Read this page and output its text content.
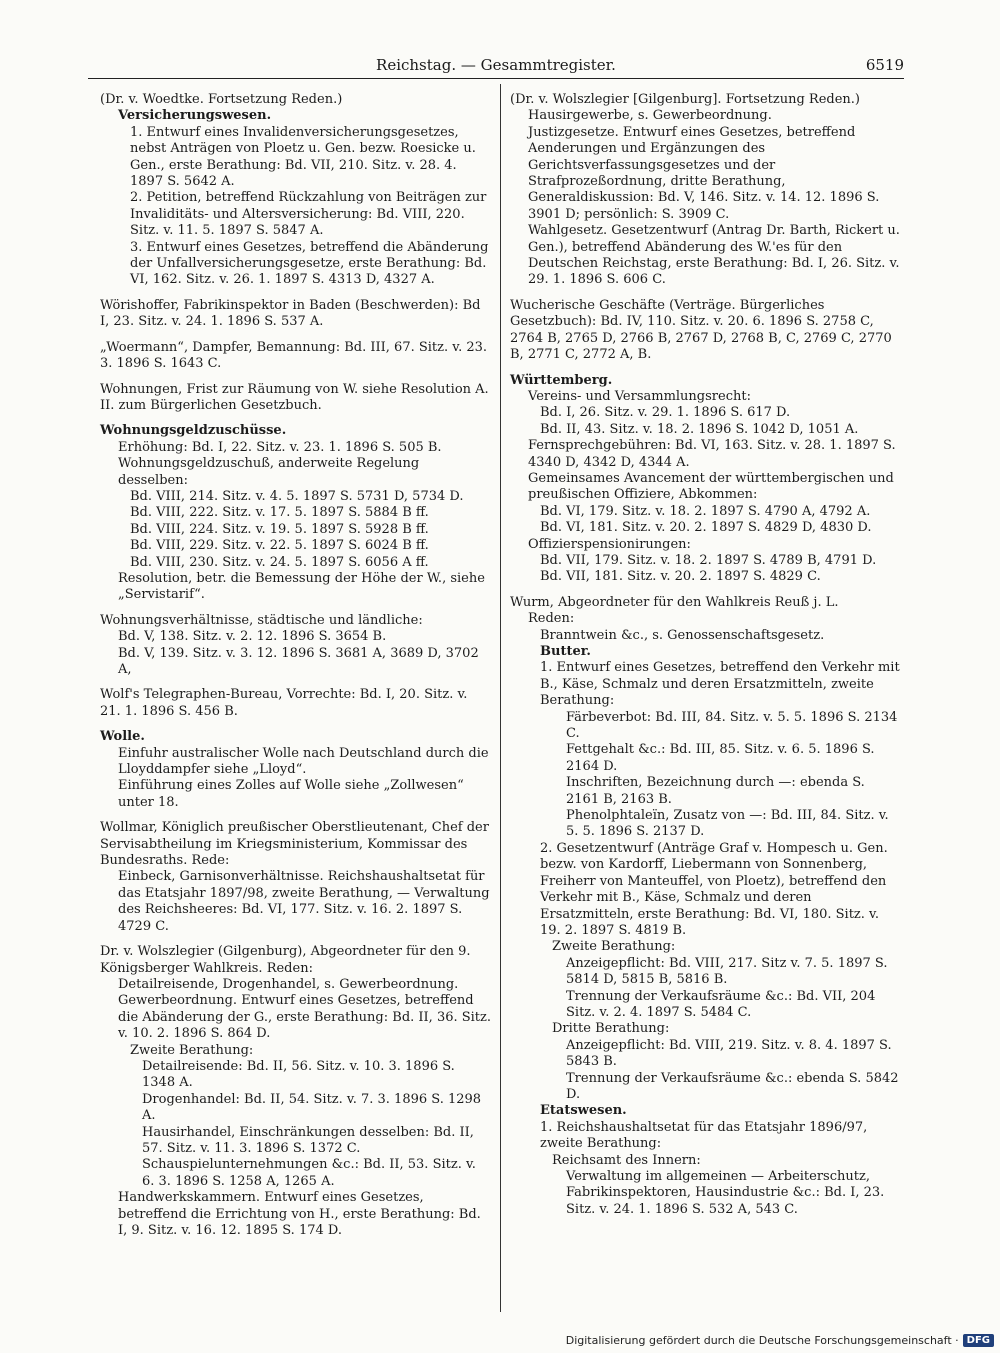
Reichstag. — Gesammtregister.	6519
(Dr. v. Woedtke. Fortsetzung Reden.)
Versicherungswesen.
1. Entwurf eines Invalidenversicherungsgesetzes, nebst Anträgen von Ploetz u. Gen. bezw. Roesicke u. Gen., erste Berathung: Bd. VII, 210. Sitz. v. 28. 4. 1897 S. 5642 A.
2. Petition, betreffend Rückzahlung von Beiträgen zur Invaliditäts- und Altersversicherung: Bd. VIII, 220. Sitz. v. 11. 5. 1897 S. 5847 A.
3. Entwurf eines Gesetzes, betreffend die Abänderung der Unfallversicherungsgesetze, erste Berathung: Bd. VI, 162. Sitz. v. 26. 1. 1897 S. 4313 D, 4327 A.
Wörishoffer, Fabrikinspektor in Baden (Beschwerden): Bd I, 23. Sitz. v. 24. 1. 1896 S. 537 A.
„Woermann“, Dampfer, Bemannung: Bd. III, 67. Sitz. v. 23. 3. 1896 S. 1643 C.
Wohnungen, Frist zur Räumung von W. siehe Resolution A. II. zum Bürgerlichen Gesetzbuch.
Wohnungsgeldzuschüsse.
Erhöhung: Bd. I, 22. Sitz. v. 23. 1. 1896 S. 505 B.
Wohnungsgeldzuschuß, anderweite Regelung desselben:
Bd. VIII, 214. Sitz. v. 4. 5. 1897 S. 5731 D, 5734 D.
Bd. VIII, 222. Sitz. v. 17. 5. 1897 S. 5884 B ff.
Bd. VIII, 224. Sitz. v. 19. 5. 1897 S. 5928 B ff.
Bd. VIII, 229. Sitz. v. 22. 5. 1897 S. 6024 B ff.
Bd. VIII, 230. Sitz. v. 24. 5. 1897 S. 6056 A ff.
Resolution, betr. die Bemessung der Höhe der W., siehe „Servistarif“.
Wohnungsverhältnisse, städtische und ländliche:
Bd. V, 138. Sitz. v. 2. 12. 1896 S. 3654 B.
Bd. V, 139. Sitz. v. 3. 12. 1896 S. 3681 A, 3689 D, 3702 A,
Wolf's Telegraphen-Bureau, Vorrechte: Bd. I, 20. Sitz. v. 21. 1. 1896 S. 456 B.
Wolle.
Einfuhr australischer Wolle nach Deutschland durch die Lloyddampfer siehe „Lloyd“.
Einführung eines Zolles auf Wolle siehe „Zollwesen“ unter 18.
Wollmar, Königlich preußischer Oberstlieutenant, Chef der Servisabtheilung im Kriegsministerium, Kommissar des Bundesraths. Rede:
Einbeck, Garnisonverhältnisse. Reichshaushaltsetat für das Etatsjahr 1897/98, zweite Berathung, — Verwaltung des Reichsheeres: Bd. VI, 177. Sitz. v. 16. 2. 1897 S. 4729 C.
Dr. v. Wolszlegier (Gilgenburg), Abgeordneter für den 9. Königsberger Wahlkreis. Reden:
Detailreisende, Drogenhandel, s. Gewerbeordnung.
Gewerbeordnung. Entwurf eines Gesetzes, betreffend die Abänderung der G., erste Berathung: Bd. II, 36. Sitz. v. 10. 2. 1896 S. 864 D.
Zweite Berathung:
Detailreisende: Bd. II, 56. Sitz. v. 10. 3. 1896 S. 1348 A.
Drogenhandel: Bd. II, 54. Sitz. v. 7. 3. 1896 S. 1298 A.
Hausirhandel, Einschränkungen desselben: Bd. II, 57. Sitz. v. 11. 3. 1896 S. 1372 C.
Schauspielunternehmungen &c.: Bd. II, 53. Sitz. v. 6. 3. 1896 S. 1258 A, 1265 A.
Handwerkskammern. Entwurf eines Gesetzes, betreffend die Errichtung von H., erste Berathung: Bd. I, 9. Sitz. v. 16. 12. 1895 S. 174 D.
(Dr. v. Wolszlegier [Gilgenburg]. Fortsetzung Reden.)
Hausirgewerbe, s. Gewerbeordnung.
Justizgesetze. Entwurf eines Gesetzes, betreffend Aenderungen und Ergänzungen des Gerichtsverfassungsgesetzes und der Strafprozeßordnung, dritte Berathung, Generaldiskussion: Bd. V, 146. Sitz. v. 14. 12. 1896 S. 3901 D; persönlich: S. 3909 C.
Wahlgesetz. Gesetzentwurf (Antrag Dr. Barth, Rickert u. Gen.), betreffend Abänderung des W.'es für den Deutschen Reichstag, erste Berathung: Bd. I, 26. Sitz. v. 29. 1. 1896 S. 606 C.
Wucherische Geschäfte (Verträge. Bürgerliches Gesetzbuch): Bd. IV, 110. Sitz. v. 20. 6. 1896 S. 2758 C, 2764 B, 2765 D, 2766 B, 2767 D, 2768 B, C, 2769 C, 2770 B, 2771 C, 2772 A, B.
Württemberg.
Vereins- und Versammlungsrecht:
Bd. I, 26. Sitz. v. 29. 1. 1896 S. 617 D.
Bd. II, 43. Sitz. v. 18. 2. 1896 S. 1042 D, 1051 A.
Fernsprechgebühren: Bd. VI, 163. Sitz. v. 28. 1. 1897 S. 4340 D, 4342 D, 4344 A.
Gemeinsames Avancement der württembergischen und preußischen Offiziere, Abkommen:
Bd. VI, 179. Sitz. v. 18. 2. 1897 S. 4790 A, 4792 A.
Bd. VI, 181. Sitz. v. 20. 2. 1897 S. 4829 D, 4830 D.
Offizierspensionirungen:
Bd. VII, 179. Sitz. v. 18. 2. 1897 S. 4789 B, 4791 D.
Bd. VII, 181. Sitz. v. 20. 2. 1897 S. 4829 C.
Wurm, Abgeordneter für den Wahlkreis Reuß j. L.
Reden:
Branntwein &c., s. Genossenschaftsgesetz.
Butter.
1. Entwurf eines Gesetzes, betreffend den Verkehr mit B., Käse, Schmalz und deren Ersatzmitteln, zweite Berathung:
Färbeverbot: Bd. III, 84. Sitz. v. 5. 5. 1896 S. 2134 C.
Fettgehalt &c.: Bd. III, 85. Sitz. v. 6. 5. 1896 S. 2164 D.
Inschriften, Bezeichnung durch —: ebenda S. 2161 B, 2163 B.
Phenolphtaleïn, Zusatz von —: Bd. III, 84. Sitz. v. 5. 5. 1896 S. 2137 D.
2. Gesetzentwurf (Anträge Graf v. Hompesch u. Gen. bezw. von Kardorff, Liebermann von Sonnenberg, Freiherr von Manteuffel, von Ploetz), betreffend den Verkehr mit B., Käse, Schmalz und deren Ersatzmitteln, erste Berathung: Bd. VI, 180. Sitz. v. 19. 2. 1897 S. 4819 B.
Zweite Berathung:
Anzeigepflicht: Bd. VIII, 217. Sitz v. 7. 5. 1897 S. 5814 D, 5815 B, 5816 B.
Trennung der Verkaufsräume &c.: Bd. VII, 204 Sitz. v. 2. 4. 1897 S. 5484 C.
Dritte Berathung:
Anzeigepflicht: Bd. VIII, 219. Sitz. v. 8. 4. 1897 S. 5843 B.
Trennung der Verkaufsräume &c.: ebenda S. 5842 D.
Etatswesen.
1. Reichshaushaltsetat für das Etatsjahr 1896/97, zweite Berathung:
Reichsamt des Innern:
Verwaltung im allgemeinen — Arbeiterschutz, Fabrikinspektoren, Hausindustrie &c.: Bd. I, 23. Sitz. v. 24. 1. 1896 S. 532 A, 543 C.
Digitalisierung gefördert durch die Deutsche Forschungsgemeinschaft · DFG
